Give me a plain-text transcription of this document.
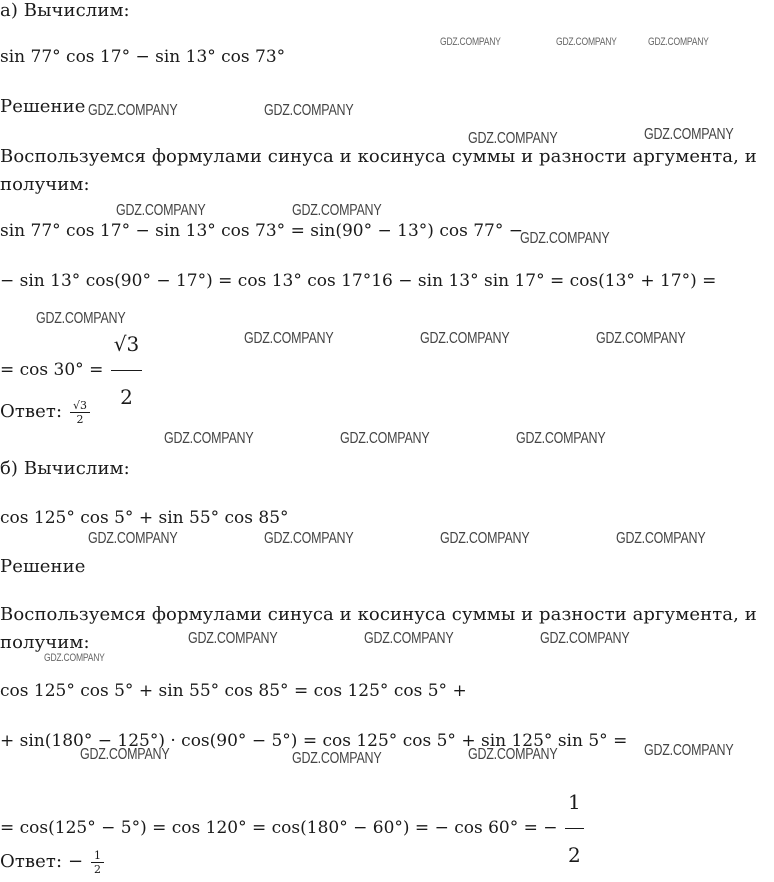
а) Вычислим:
sin 77° cos 17° − sin 13° cos 73°
Решение
Воспользуемся формулами синуса и косинуса суммы и разности аргумента, и
получим:
sin 77° cos 17° − sin 13° cos 73° = sin(90° − 13°) cos 77° −
− sin 13° cos(90° − 17°) = cos 13° cos 17°16 − sin 13° sin 17° = cos(13° + 17°) =
= $\cos 30^\circ = \frac{√3}{2}$
Ответ: $\frac{√3}{2}$
б) Вычислим:
cos 125° cos 5° + sin 55° cos 85°
Решение
Воспользуемся формулами синуса и косинуса суммы и разности аргумента, и
получим:
cos 125° cos 5° + sin 55° cos 85° = cos 125° cos 5° +
+ sin(180° − 125°) · cos(90° − 5°) = cos 125° cos 5° + sin 125° sin 5° =
= cos(125° − 5°) = cos 120° = cos(180° − 60°) = − cos 60° = − $\frac{1}{2}$
Ответ: − $\frac{1}{2}$
GDZ.COMPANY	GDZ.COMPANY	GDZ.COMPANY
GDZ.COMPANY	GDZ.COMPANY
GDZ.COMPANY	GDZ.COMPANY
GDZ.COMPANY	GDZ.COMPANY
GDZ.COMPANY
GDZ.COMPANY
GDZ.COMPANY	GDZ.COMPANY	GDZ.COMPANY
GDZ.COMPANY	GDZ.COMPANY	GDZ.COMPANY
GDZ.COMPANY	GDZ.COMPANY	GDZ.COMPANY	GDZ.COMPANY
GDZ.COMPANY	GDZ.COMPANY	GDZ.COMPANY
GDZ.COMPANY
GDZ.COMPANY	GDZ.COMPANY	GDZ.COMPANY	GDZ.COMPANY
